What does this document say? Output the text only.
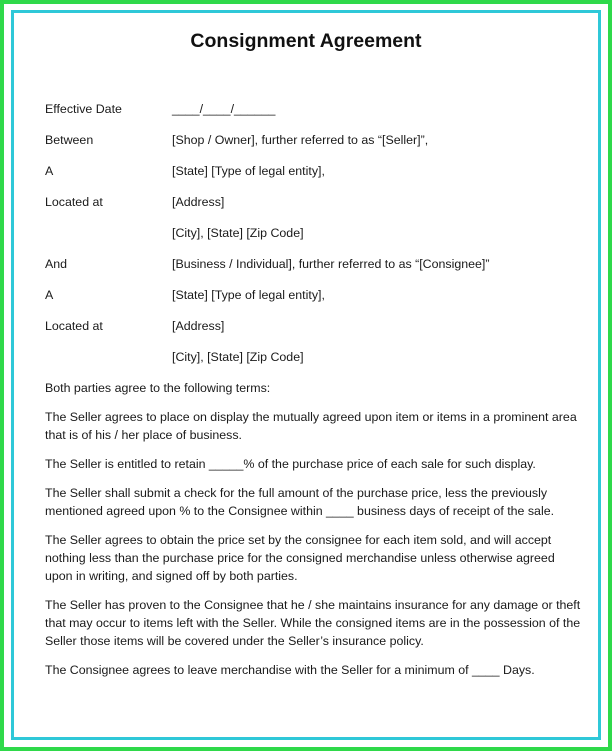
Consignment Agreement
Effective Date	____/____/______
Between	[Shop / Owner], further referred to as “[Seller]”,
A	[State] [Type of legal entity],
Located at	[Address]
[City], [State] [Zip Code]
And	[Business / Individual], further referred to as “[Consignee]”
A	[State] [Type of legal entity],
Located at	[Address]
[City], [State] [Zip Code]

Both parties agree to the following terms:

The Seller agrees to place on display the mutually agreed upon item or items in a prominent area that is of his / her place of business.

The Seller is entitled to retain _____% of the purchase price of each sale for such display.

The Seller shall submit a check for the full amount of the purchase price, less the previously mentioned agreed upon % to the Consignee within ____ business days of receipt of the sale.

The Seller agrees to obtain the price set by the consignee for each item sold, and will accept nothing less than the purchase price for the consigned merchandise unless otherwise agreed upon in writing, and signed off by both parties.

The Seller has proven to the Consignee that he / she maintains insurance for any damage or theft that may occur to items left with the Seller. While the consigned items are in the possession of the Seller those items will be covered under the Seller’s insurance policy.

The Consignee agrees to leave merchandise with the Seller for a minimum of ____ Days.
